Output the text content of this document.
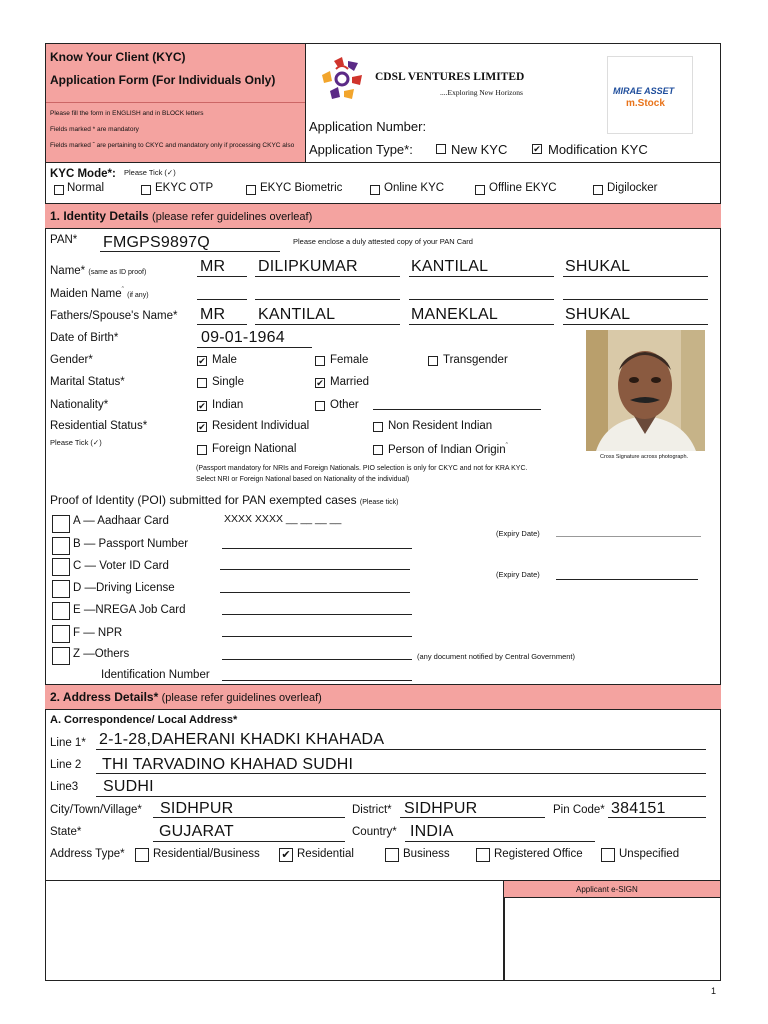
Know Your Client (KYC)
Application Form (For Individuals Only)
Please fill the form in ENGLISH and in BLOCK letters
Fields marked * are mandatory
Fields marked ˆ are pertaining to CKYC and mandatory only if processing CKYC also
CDSL VENTURES LIMITED
....Exploring New Horizons	MIRAE ASSET
m.Stock
Application Number:
Application Type*:	New KYC	✔ Modification KYC
KYC Mode*: Please Tick (✓)
Normal	EKYC OTP	EKYC Biometric	Online KYC	Offline EKYC	Digilocker
1. Identity Details (please refer guidelines overleaf)
PAN* FMGPS9897Q	Please enclose a duly attested copy of your PAN Card
Name* (same as ID proof)	MR DILIPKUMAR	KANTILAL	SHUKAL
Maiden Name$^ˆ$ (if any)
Fathers/Spouse's Name* MR KANTILAL	MANEKLAL	SHUKAL
Date of Birth*	09-01-1964
Gender*	✔ Male	Female	Transgender
Marital Status*	Single	✔ Married
Nationality*	✔ Indian	Other
Residential Status*
Please Tick (✓)
✔ Resident Individual	Non Resident Indian
Foreign National	Person of Indian Origin$^ˆ$
(Passport mandatory for NRIs and Foreign Nationals. PIO selection is only for CKYC and not for KRA KYC.
Select NRI or Foreign National based on Nationality of the individual)
Cross Signature across photograph.
Proof of Identity (POI) submitted for PAN exempted cases (Please tick)
A — Aadhaar Card	XXXX XXXX __ __ __ __
(Expiry Date)
B — Passport Number
C — Voter ID Card
(Expiry Date)
D —Driving License
E —NREGA Job Card
F — NPR
Z —Others	(any document notified by Central Government)
Identification Number
2. Address Details* (please refer guidelines overleaf)
A. Correspondence/ Local Address*
Line 1* 2-1-28,DAHERANI KHADKI KHAHADA
Line 2 THI TARVADINO KHAHAD SUDHI
Line3 SUDHI
City/Town/Village* SIDHPUR	District* SIDHPUR	Pin Code* 384151
State*	GUJARAT	Country* INDIA
Address Type* Residential/Business ✔ Residential	Business	Registered Office	Unspecified
Applicant e-SIGN
1
